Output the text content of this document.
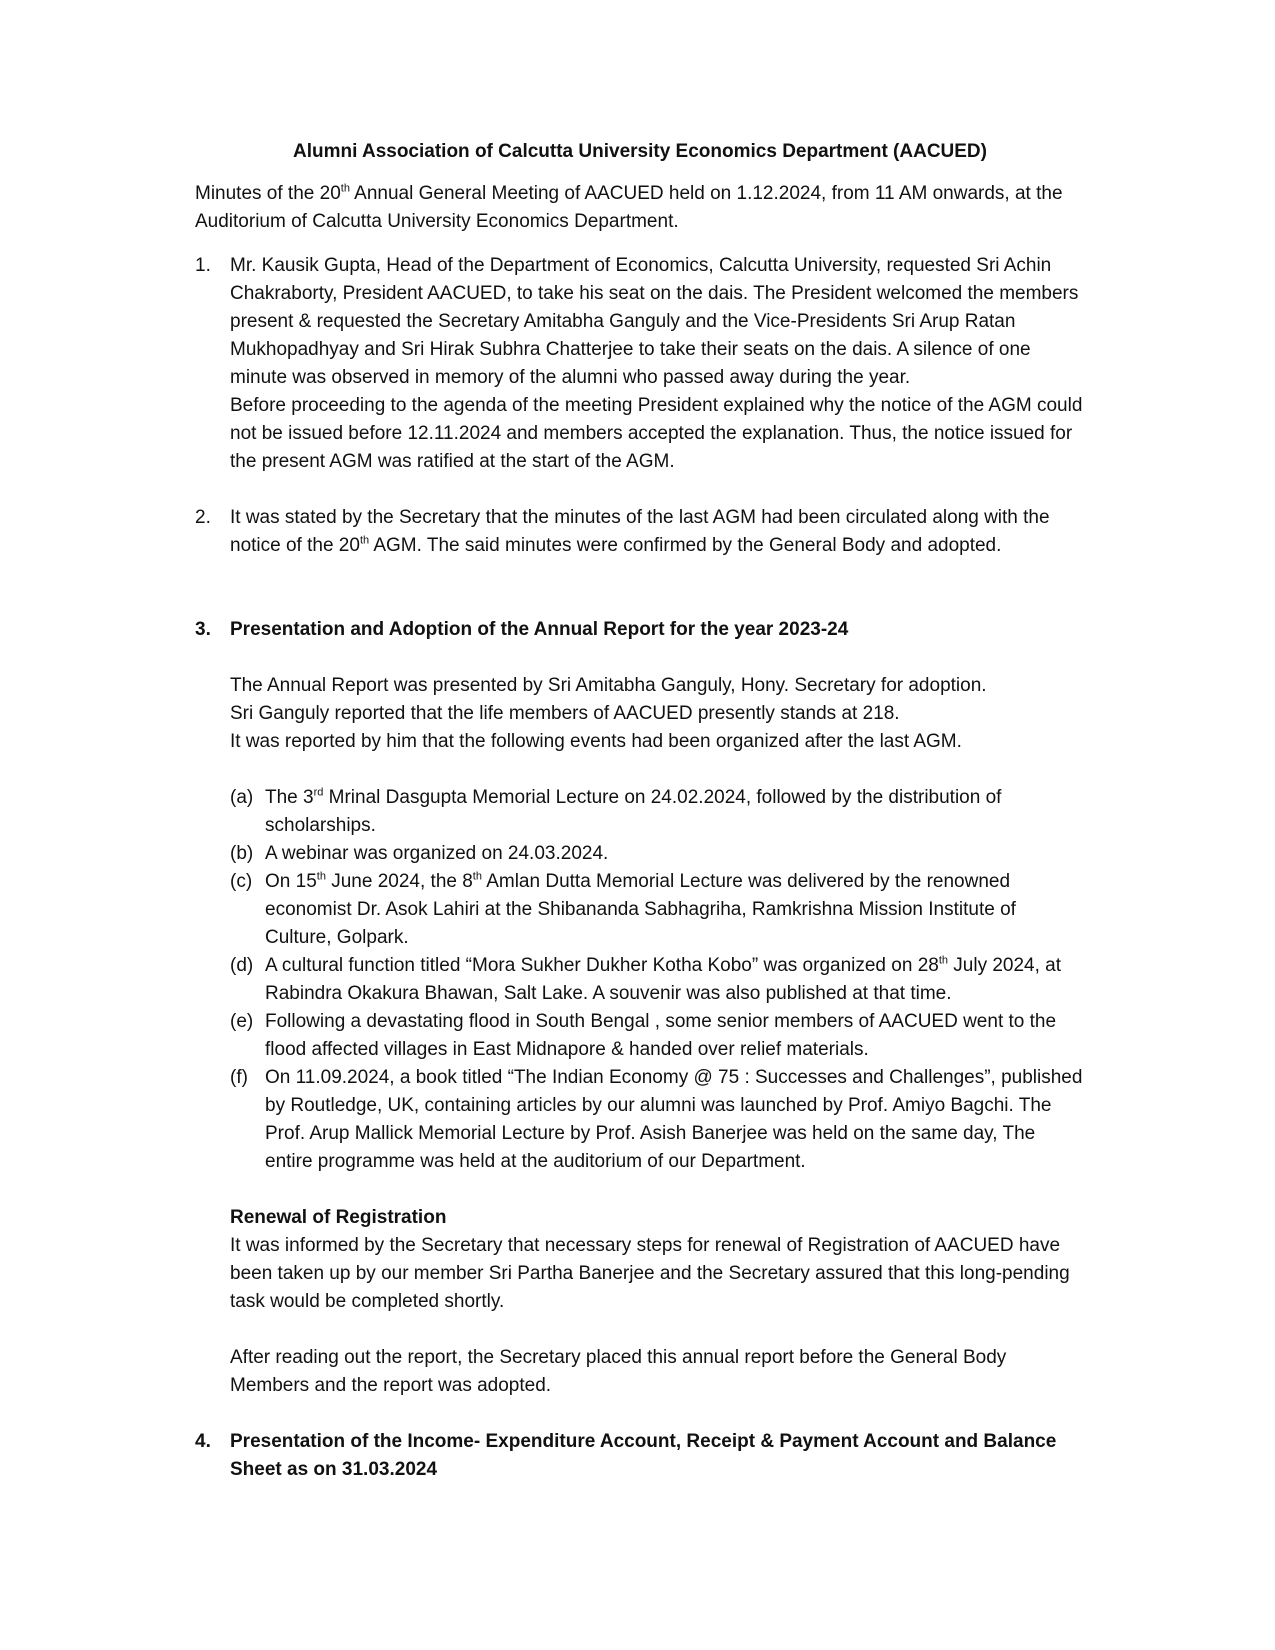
Alumni Association of Calcutta University Economics Department (AACUED)

Minutes of the 20th Annual General Meeting of AACUED held on 1.12.2024, from 11 AM onwards, at the Auditorium of Calcutta University Economics Department.

1.	Mr. Kausik Gupta, Head of the Department of Economics, Calcutta University, requested Sri Achin Chakraborty, President AACUED, to take his seat on the dais. The President welcomed the members present & requested the Secretary Amitabha Ganguly and the Vice-Presidents Sri Arup Ratan Mukhopadhyay and Sri Hirak Subhra Chatterjee to take their seats on the dais. A silence of one minute was observed in memory of the alumni who passed away during the year.

Before proceeding to the agenda of the meeting President explained why the notice of the AGM could not be issued before 12.11.2024 and members accepted the explanation. Thus, the notice issued for the present AGM was ratified at the start of the AGM.

2.	It was stated by the Secretary that the minutes of the last AGM had been circulated along with the notice of the 20th AGM. The said minutes were confirmed by the General Body and adopted.

3.	Presentation and Adoption of the Annual Report for the year 2023-24

The Annual Report was presented by Sri Amitabha Ganguly, Hony. Secretary for adoption.

Sri Ganguly reported that the life members of AACUED presently stands at 218.

It was reported by him that the following events had been organized after the last AGM.

(a) The 3rd Mrinal Dasgupta Memorial Lecture on 24.02.2024, followed by the distribution of scholarships.
(b) A webinar was organized on 24.03.2024.
(c) On 15th June 2024, the 8th Amlan Dutta Memorial Lecture was delivered by the renowned economist Dr. Asok Lahiri at the Shibananda Sabhagriha, Ramkrishna Mission Institute of Culture, Golpark.
(d) A cultural function titled “Mora Sukher Dukher Kotha Kobo” was organized on 28th July 2024, at Rabindra Okakura Bhawan, Salt Lake. A souvenir was also published at that time.
(e) Following a devastating flood in South Bengal , some senior members of AACUED went to the flood affected villages in East Midnapore & handed over relief materials.
(f) On 11.09.2024, a book titled “The Indian Economy @ 75 : Successes and Challenges”, published by Routledge, UK, containing articles by our alumni was launched by Prof. Amiyo Bagchi. The Prof. Arup Mallick Memorial Lecture by Prof. Asish Banerjee was held on the same day, The entire programme was held at the auditorium of our Department.

Renewal of Registration

It was informed by the Secretary that necessary steps for renewal of Registration of AACUED have been taken up by our member Sri Partha Banerjee and the Secretary assured that this long-pending task would be completed shortly.

After reading out the report, the Secretary placed this annual report before the General Body Members and the report was adopted.

4.	Presentation of the Income- Expenditure Account, Receipt & Payment Account and Balance Sheet as on 31.03.2024
